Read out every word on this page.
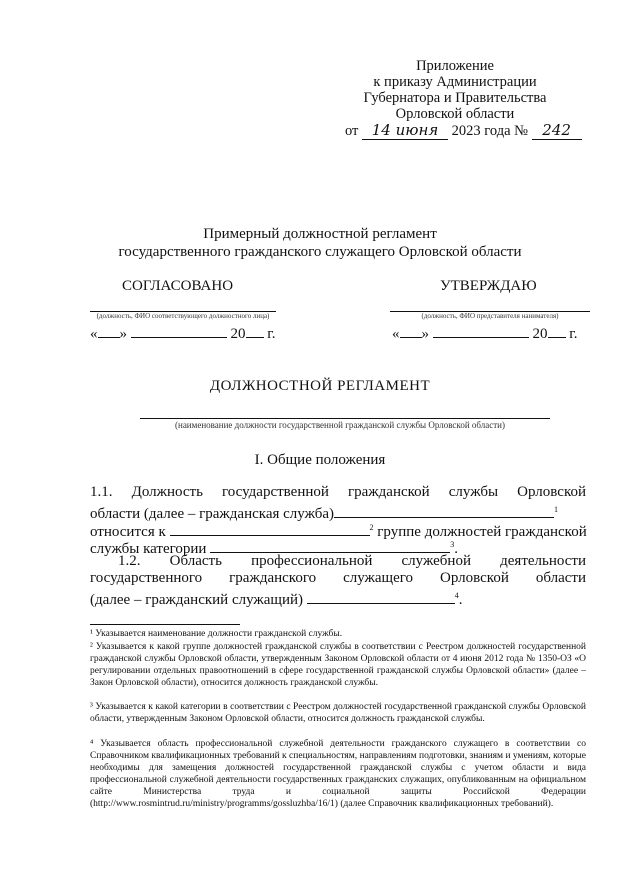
Приложение
к приказу Администрации
Губернатора и Правительства
Орловской области
от 14 июня 2023 года № 242
Примерный должностной регламент
государственного гражданского служащего Орловской области
СОГЛАСОВАНО	УТВЕРЖДАЮ
(должность, ФИО соответствующего должностного лица)	(должность, ФИО представителя нанимателя)
« »	20 г.	« »	20 г.
ДОЛЖНОСТНОЙ РЕГЛАМЕНТ
(наименование должности государственной гражданской службы Орловской области)
I. Общие положения
1.1. Должность государственной гражданской службы Орловской
области (далее – гражданская служба)	$^1$
относится к	$^2$ группе должностей гражданской
службы категории	$^3$.
1.2. Область профессиональной служебной деятельности
государственного гражданского служащего Орловской области
(далее – гражданский служащий)	$^4$.
¹ Указывается наименование должности гражданской службы.
² Указывается к какой группе должностей гражданской службы в соответствии с Реестром должностей государственной гражданской службы Орловской области, утвержденным Законом Орловской области от 4 июня 2012 года № 1350-ОЗ «О регулировании отдельных правоотношений в сфере государственной гражданской службы Орловской области» (далее – Закон Орловской области), относится должность гражданской службы.
³ Указывается к какой категории в соответствии с Реестром должностей государственной гражданской службы Орловской области, утвержденным Законом Орловской области, относится должность гражданской службы.
⁴ Указывается область профессиональной служебной деятельности гражданского служащего в соответствии со Справочником квалификационных требований к специальностям, направлениям подготовки, знаниям и умениям, которые необходимы для замещения должностей государственной гражданской службы с учетом области и вида профессиональной служебной деятельности государственных гражданских служащих, опубликованным на официальном сайте Министерства труда и социальной защиты Российской Федерации (http://www.rosmintrud.ru/ministry/programms/gossluzhba/16/1) (далее Справочник квалификационных требований).
